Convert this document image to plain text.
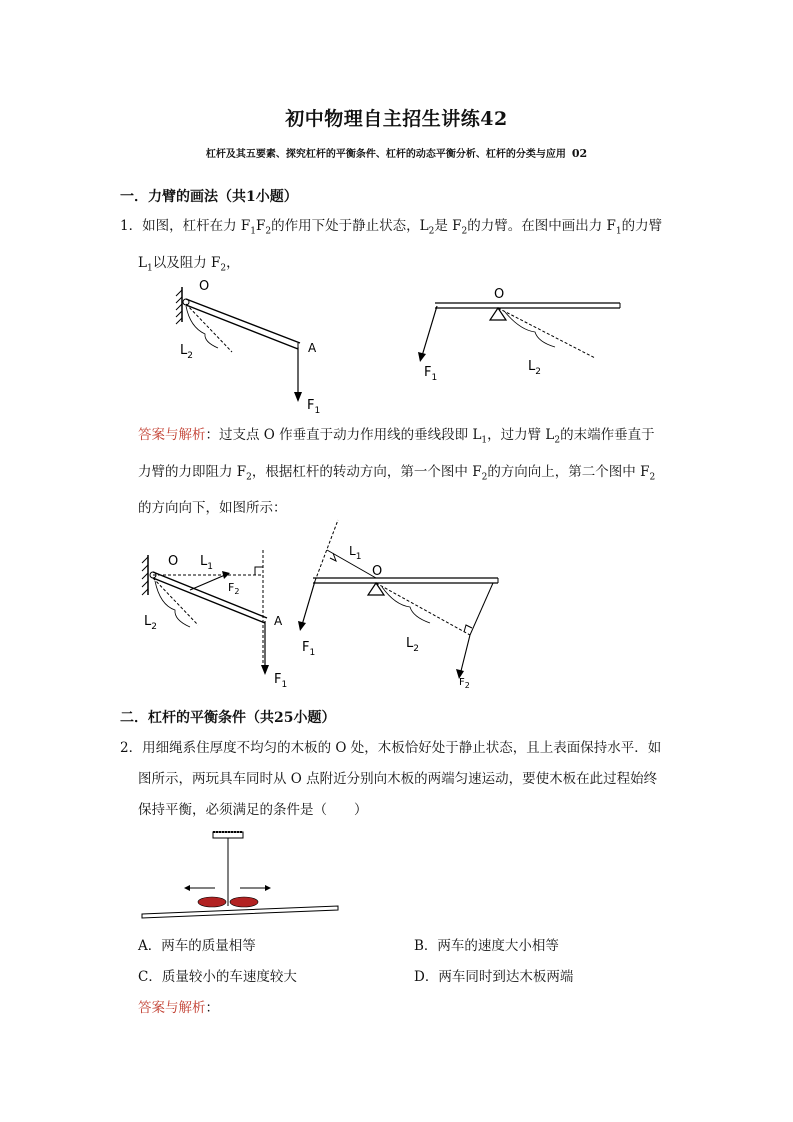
初中物理自主招生讲练42
杠杆及其五要素、探究杠杆的平衡条件、杠杆的动态平衡分析、杠杆的分类与应用 02
一．力臂的画法（共1小题）
1．如图，杠杆在力 $F_1F_2$的作用下处于静止状态，$L_2$是 $F_2$的力臂。在图中画出力 $F_1$的力臂
$L_1$以及阻力 $F_2$，
O
A
$L_2$
$F_1$
O
$F_1$
$L_2$
答案与解析：过支点 O 作垂直于动力作用线的垂线段即 $L_1$，过力臂 $L_2$的末端作垂直于
力臂的力即阻力 $F_2$，根据杠杆的转动方向，第一个图中 $F_2$的方向向上，第二个图中 $F_2$
的方向向下，如图所示：
O $L_1$
$F_2$
A
$L_2$
$F_1$
$L_1$
O
$F_1$
$L_2$
$F_2$
二．杠杆的平衡条件（共25小题）
2．用细绳系住厚度不均匀的木板的 O 处，木板恰好处于静止状态，且上表面保持水平．如
图所示，两玩具车同时从 O 点附近分别向木板的两端匀速运动，要使木板在此过程始终
保持平衡，必须满足的条件是（　　）
A．两车的质量相等	B．两车的速度大小相等
C．质量较小的车速度较大	D．两车同时到达木板两端
答案与解析：
